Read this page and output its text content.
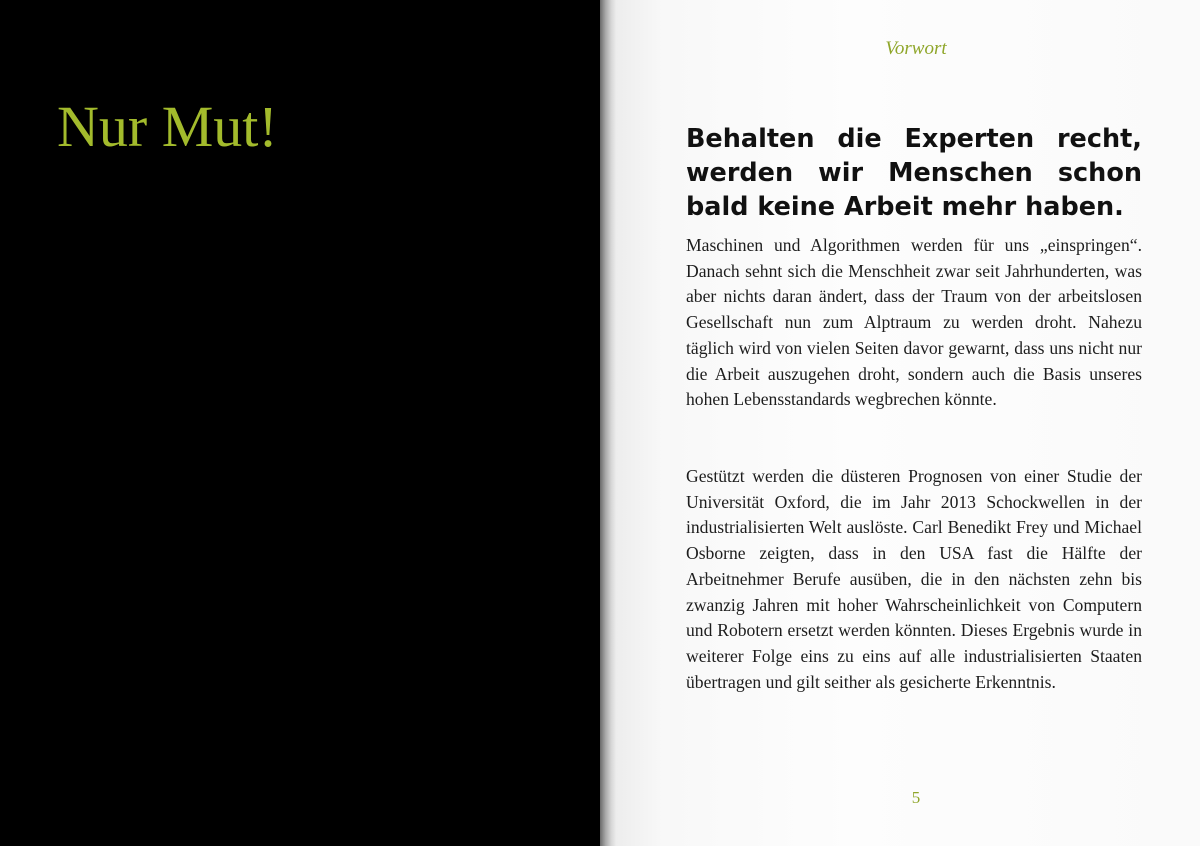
Nur Mut!
Vorwort
Behalten die Experten recht, werden wir Menschen schon bald keine Arbeit mehr haben.

Maschinen und Algorithmen werden für uns „einspringen“. Danach sehnt sich die Menschheit zwar seit Jahrhunderten, was aber nichts daran ändert, dass der Traum von der arbeitslosen Gesellschaft nun zum Alptraum zu werden droht. Nahezu täglich wird von vielen Seiten davor gewarnt, dass uns nicht nur die Arbeit auszugehen droht, sondern auch die Basis unseres hohen Lebensstandards wegbrechen könnte.

Gestützt werden die düsteren Prognosen von einer Studie der Universität Oxford, die im Jahr 2013 Schockwellen in der industrialisierten Welt auslöste. Carl Benedikt Frey und Michael Osborne zeigten, dass in den USA fast die Hälfte der Arbeitnehmer Berufe ausüben, die in den nächsten zehn bis zwanzig Jahren mit hoher Wahrscheinlichkeit von Computern und Robotern ersetzt werden könnten. Dieses Ergebnis wurde in weiterer Folge eins zu eins auf alle industrialisierten Staaten übertragen und gilt seither als gesicherte Erkenntnis.

5
